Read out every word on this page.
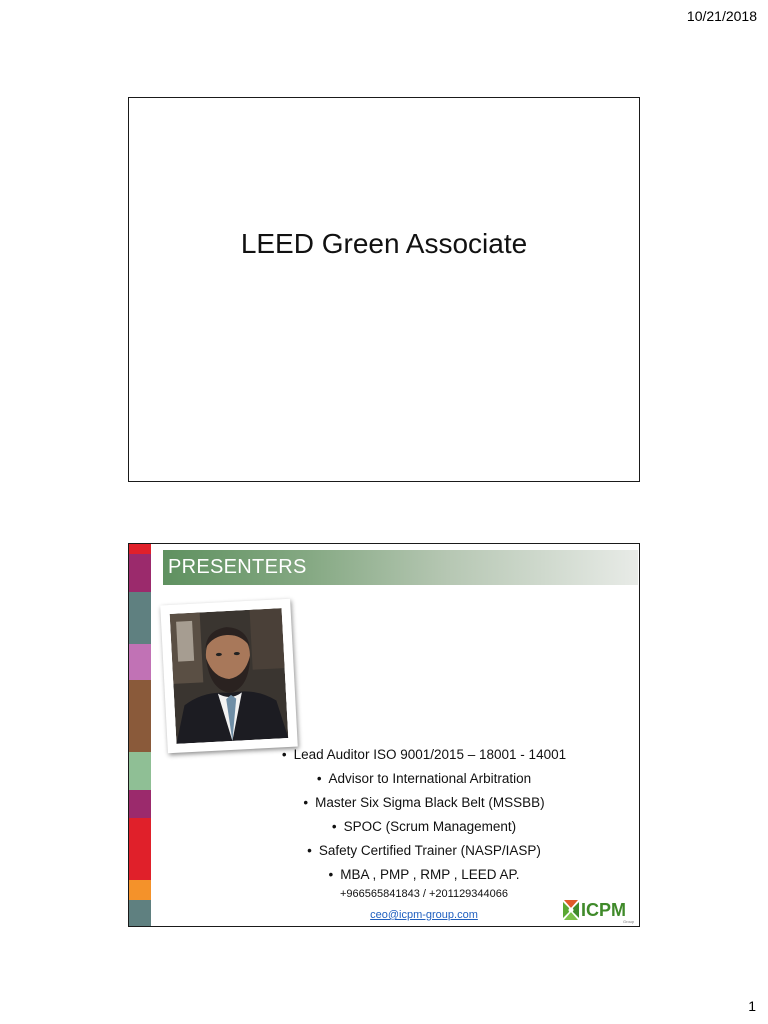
10/21/2018
LEED Green Associate
PRESENTERS
• Lead Auditor ISO 9001/2015 – 18001 - 14001
• Advisor to International Arbitration
• Master Six Sigma Black Belt (MSSBB)
• SPOC (Scrum Management)
• Safety Certified Trainer (NASP/IASP)
• MBA , PMP , RMP , LEED AP.
+966565841843 / +201129344066
ceo@icpm-group.com	ICPM
Group
1
